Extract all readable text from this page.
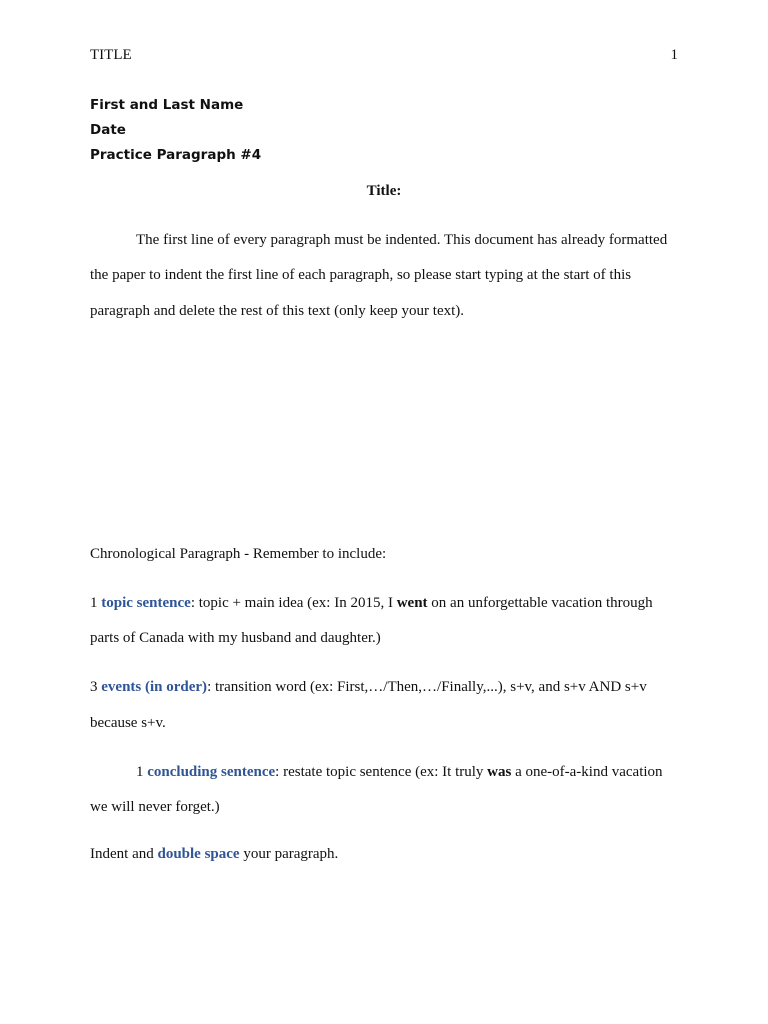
TITLE	1
First and Last Name
Date
Practice Paragraph #4
Title:
The first line of every paragraph must be indented. This document has already formatted
the paper to indent the first line of each paragraph, so please start typing at the start of this
paragraph and delete the rest of this text (only keep your text).
Chronological Paragraph - Remember to include:
1 topic sentence: topic + main idea (ex: In 2015, I went on an unforgettable vacation through
parts of Canada with my husband and daughter.)
3 events (in order): transition word (ex: First,…/Then,…/Finally,...), s+v, and s+v AND s+v
because s+v.
1 concluding sentence: restate topic sentence (ex: It truly was a one-of-a-kind vacation
we will never forget.)
Indent and double space your paragraph.
